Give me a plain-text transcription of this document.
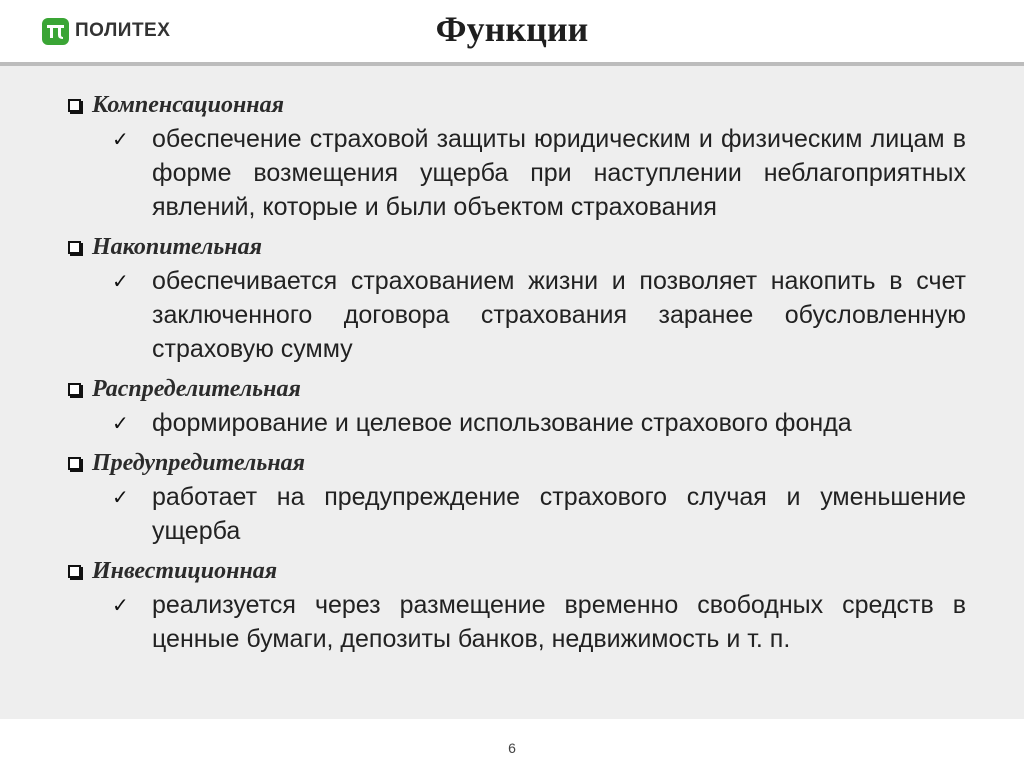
ПОЛИТЕХ	Функции
Компенсационная
✓ обеспечение страховой защиты юридическим и физическим лицам в форме возмещения ущерба при наступлении неблагоприятных явлений, которые и были объектом страхования
Накопительная
✓ обеспечивается страхованием жизни и позволяет накопить в счет заключенного договора страхования заранее обусловленную страховую сумму
Распределительная
✓ формирование и целевое использование страхового фонда
Предупредительная
✓ работает на предупреждение страхового случая и уменьшение ущерба
Инвестиционная
✓ реализуется через размещение временно свободных средств в ценные бумаги, депозиты банков, недвижимость и т. п.
6
